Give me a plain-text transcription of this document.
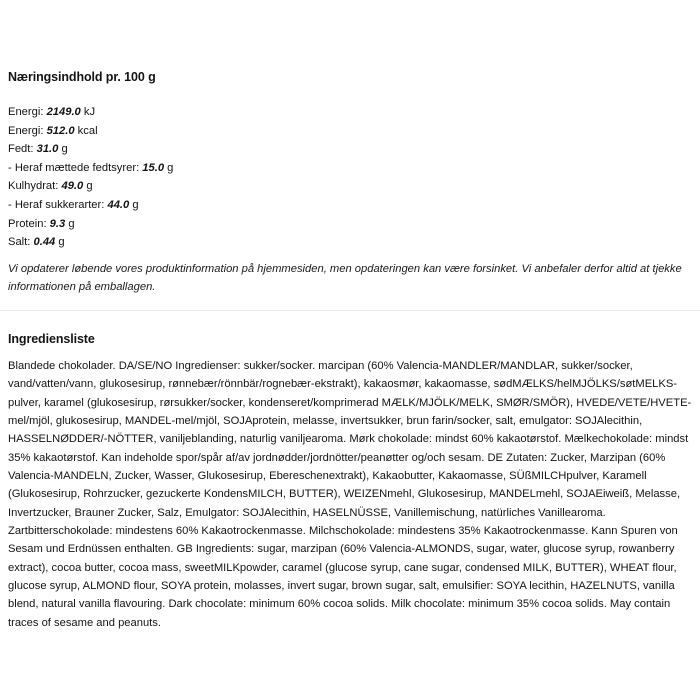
Næringsindhold pr. 100 g
Energi: 2149.0 kJ
Energi: 512.0 kcal
Fedt: 31.0 g
- Heraf mættede fedtsyrer: 15.0 g
Kulhydrat: 49.0 g
- Heraf sukkerarter: 44.0 g
Protein: 9.3 g
Salt: 0.44 g

Vi opdaterer løbende vores produktinformation på hjemmesiden, men opdateringen kan være forsinket. Vi anbefaler derfor altid at tjekke informationen på emballagen.

Ingrediensliste

Blandede chokolader. DA/SE/NO Ingredienser: sukker/socker. marcipan (60% Valencia-MANDLER/MANDLAR, sukker/socker, vand/vatten/vann, glukosesirup, rønnebær/rönnbär/rognebær-ekstrakt), kakaosmør, kakaomasse, sødMÆLKS/helMJÖLKS/søtMELKS-pulver, karamel (glukosesirup, rørsukker/socker, kondenseret/komprimerad MÆLK/MJÖLK/MELK, SMØR/SMÖR), HVEDE/VETE/HVETE-mel/mjöl, glukosesirup, MANDEL-mel/mjöl, SOJAprotein, melasse, invertsukker, brun farin/socker, salt, emulgator: SOJAlecithin, HASSELNØDDER/-NÖTTER, vaniljeblanding, naturlig vaniljearoma. Mørk chokolade: mindst 60% kakaotørstof. Mælkechokolade: mindst 35% kakaotørstof. Kan indeholde spor/spår af/av jordnødder/jordnötter/peanøtter og/och sesam. DE Zutaten: Zucker, Marzipan (60% Valencia-MANDELN, Zucker, Wasser, Glukosesirup, Ebereschenextrakt), Kakaobutter, Kakaomasse, SÜßMILCHpulver, Karamell (Glukosesirup, Rohrzucker, gezuckerte KondensMILCH, BUTTER), WEIZENmehl, Glukosesirup, MANDELmehl, SOJAEiweiß, Melasse, Invertzucker, Brauner Zucker, Salz, Emulgator: SOJAlecithin, HASELNÜSSE, Vanillemischung, natürliches Vanillearoma. Zartbitterschokolade: mindestens 60% Kakaotrockenmasse. Milchschokolade: mindestens 35% Kakaotrockenmasse. Kann Spuren von Sesam und Erdnüssen enthalten. GB Ingredients: sugar, marzipan (60% Valencia-ALMONDS, sugar, water, glucose syrup, rowanberry extract), cocoa butter, cocoa mass, sweetMILKpowder, caramel (glucose syrup, cane sugar, condensed MILK, BUTTER), WHEAT flour, glucose syrup, ALMOND flour, SOYA protein, molasses, invert sugar, brown sugar, salt, emulsifier: SOYA lecithin, HAZELNUTS, vanilla blend, natural vanilla flavouring. Dark chocolate: minimum 60% cocoa solids. Milk chocolate: minimum 35% cocoa solids. May contain traces of sesame and peanuts.
